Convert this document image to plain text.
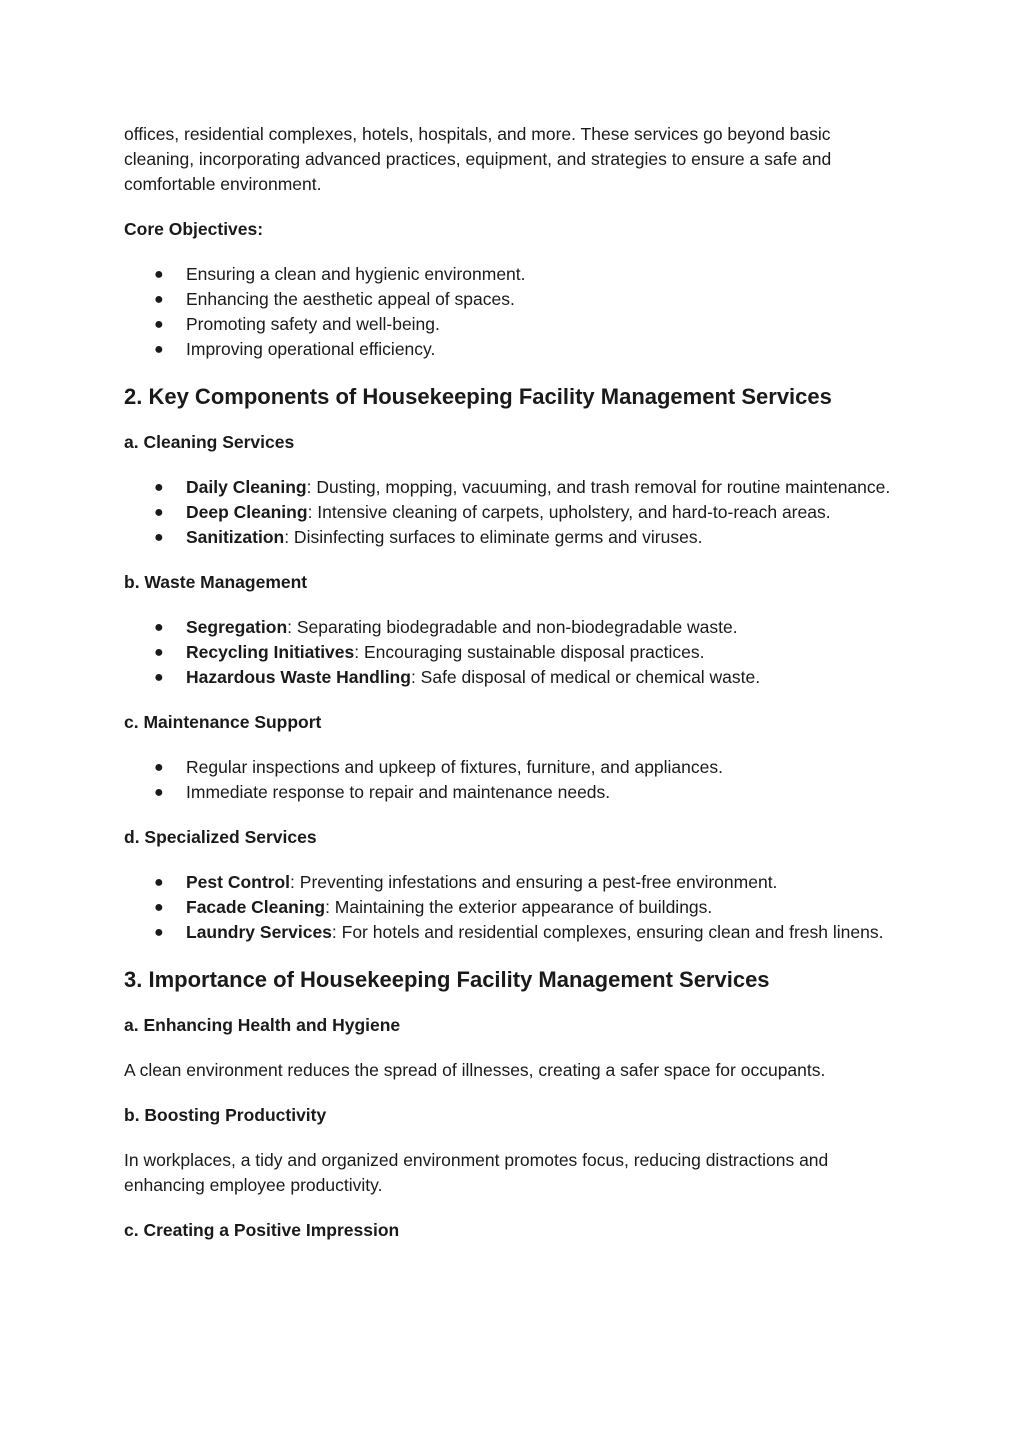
offices, residential complexes, hotels, hospitals, and more. These services go beyond basic cleaning, incorporating advanced practices, equipment, and strategies to ensure a safe and comfortable environment.

Core Objectives:
● Ensuring a clean and hygienic environment.
● Enhancing the aesthetic appeal of spaces.
● Promoting safety and well-being.
● Improving operational efficiency.
2. Key Components of Housekeeping Facility Management Services
a. Cleaning Services
● Daily Cleaning: Dusting, mopping, vacuuming, and trash removal for routine maintenance.
● Deep Cleaning: Intensive cleaning of carpets, upholstery, and hard-to-reach areas.
● Sanitization: Disinfecting surfaces to eliminate germs and viruses.
b. Waste Management
● Segregation: Separating biodegradable and non-biodegradable waste.
● Recycling Initiatives: Encouraging sustainable disposal practices.
● Hazardous Waste Handling: Safe disposal of medical or chemical waste.
c. Maintenance Support
● Regular inspections and upkeep of fixtures, furniture, and appliances.
● Immediate response to repair and maintenance needs.
d. Specialized Services
● Pest Control: Preventing infestations and ensuring a pest-free environment.
● Facade Cleaning: Maintaining the exterior appearance of buildings.
● Laundry Services: For hotels and residential complexes, ensuring clean and fresh linens.
3. Importance of Housekeeping Facility Management Services
a. Enhancing Health and Hygiene

A clean environment reduces the spread of illnesses, creating a safer space for occupants.

b. Boosting Productivity

In workplaces, a tidy and organized environment promotes focus, reducing distractions and enhancing employee productivity.

c. Creating a Positive Impression
